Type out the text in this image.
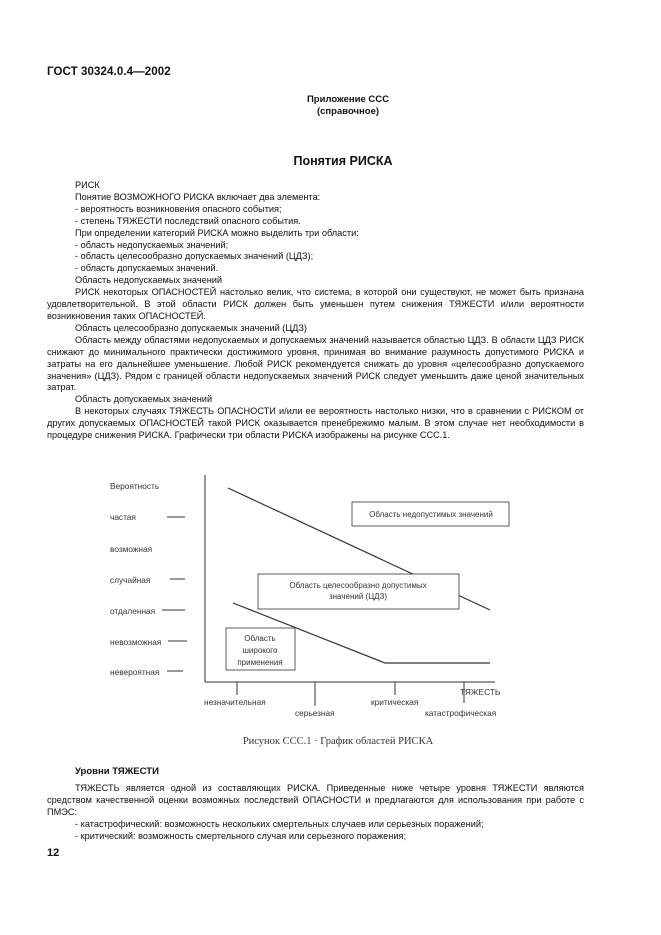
ГОСТ 30324.0.4—2002
Приложение ССС
(справочное)
Понятия РИСКА

РИСК

Понятие ВОЗМОЖНОГО РИСКА включает два элемента:

- вероятность возникновения опасного события;

- степень ТЯЖЕСТИ последствий опасного события.

При определении категорий РИСКА можно выделить три области:

- область недопускаемых значений;

- область целесообразно допускаемых значений (ЦДЗ);

- область допускаемых значений.

Область недопускаемых значений

РИСК некоторых ОПАСНОСТЕЙ настолько велик, что система, в которой они существуют, не может быть признана удовлетворительной. В этой области РИСК должен быть уменьшен путем снижения ТЯЖЕСТИ и/или вероятности возникновения таких ОПАСНОСТЕЙ.

Область целесообразно допускаемых значений (ЦДЗ)

Область между областями недопускаемых и допускаемых значений называется областью ЦДЗ. В области ЦДЗ РИСК снижают до минимального практически достижимого уровня, принимая во внимание разумность допустимого РИСКА и затраты на его дальнейшее уменьшение. Любой РИСК рекомендуется снижать до уровня «целесообразно допускаемого значения» (ЦДЗ). Рядом с границей области недопускаемых значений РИСК следует уменьшить даже ценой значительных затрат.

Область допускаемых значений

В некоторых случаях ТЯЖЕСТЬ ОПАСНОСТИ и/или ее вероятность настолько низки, что в сравнении с РИСКОМ от других допускаемых ОПАСНОСТЕЙ такой РИСК оказывается пренебрежимо малым. В этом случае нет необходимости в процедуре снижения РИСКА. Графически три области РИСКА изображены на рисунке ССС.1.

Вероятность
частая
возможная
случайная
отдаленная
невозможная
невероятная
ТЯЖЕСТЬ
незначительная
серьезная
критическая
катастрофическая
Область недопустимых значений
Область целесообразно допустимых
значений (ЦДЗ)
Область
широкого
применения
Рисунок ССС.1 · График областей РИСКА
Уровни ТЯЖЕСТИ

ТЯЖЕСТЬ является одной из составляющих РИСКА. Приведенные ниже четыре уровня ТЯЖЕСТИ являются средством качественной оценки возможных последствий ОПАСНОСТИ и предлагаются для использования при работе с ПМЭС:

- катастрофический: возможность нескольких смертельных случаев или серьезных поражений;

- критический: возможность смертельного случая или серьезного поражения;

12
